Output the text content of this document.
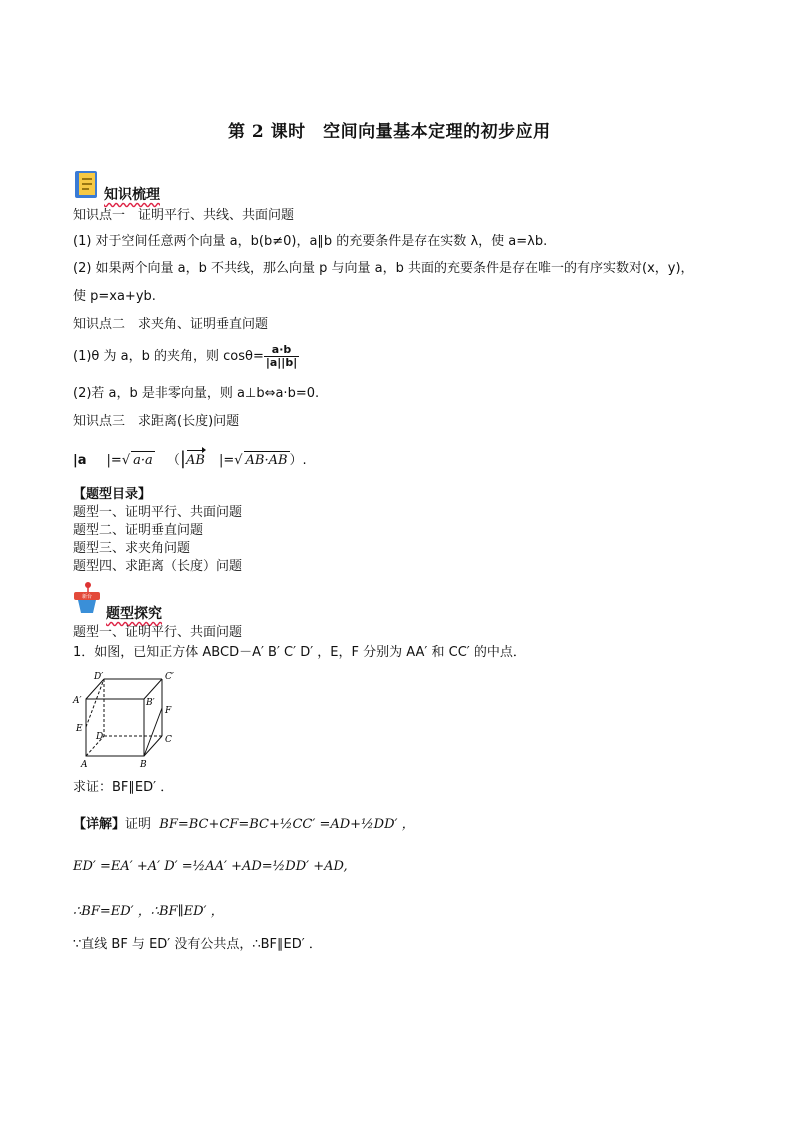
第 2 课时　空间向量基本定理的初步应用
知识梳理
知识点一　证明平行、共线、共面问题
(1) 对于空间任意两个向量 a，b(b≠0)，a∥b 的充要条件是存在实数 λ，使 a=λb.
(2) 如果两个向量 a，b 不共线，那么向量 p 与向量 a，b 共面的充要条件是存在唯一的有序实数对(x，y)，
使 p=xa+yb.
知识点二　求夹角、证明垂直问题
(1)θ 为 a，b 的夹角，则 $\cos\theta= \frac{a\cdot b}{|a||b|}$
(2)若 a，b 是非零向量，则 a⊥b⇔a·b=0.
知识点三　求距离(长度)问题
|a |=√ a·a （|AB |=√ AB·AB ）.
【题型目录】
题型一、证明平行、共面问题
题型二、证明垂直问题
题型三、求夹角问题
题型四、求距离（长度）问题
新台
题型探究
题型一、证明平行、共面问题
1．如图，已知正方体 ABCD－A′ B′ C′ D′ ，E，F 分别为 AA′ 和 CC′ 的中点．
D′	C′
A′	B′
F
E
D	C
A	B
求证：BF∥ED′ ．
【详解】证明 BF=BC+CF=BC+½CC′ =AD+½DD′ ，
ED′ =EA′ +A′ D′ =½AA′ +AD=½DD′ +AD,
∴BF=ED′ ，∴BF∥ED′ ，
∵直线 BF 与 ED′ 没有公共点，∴BF∥ED′ ．
